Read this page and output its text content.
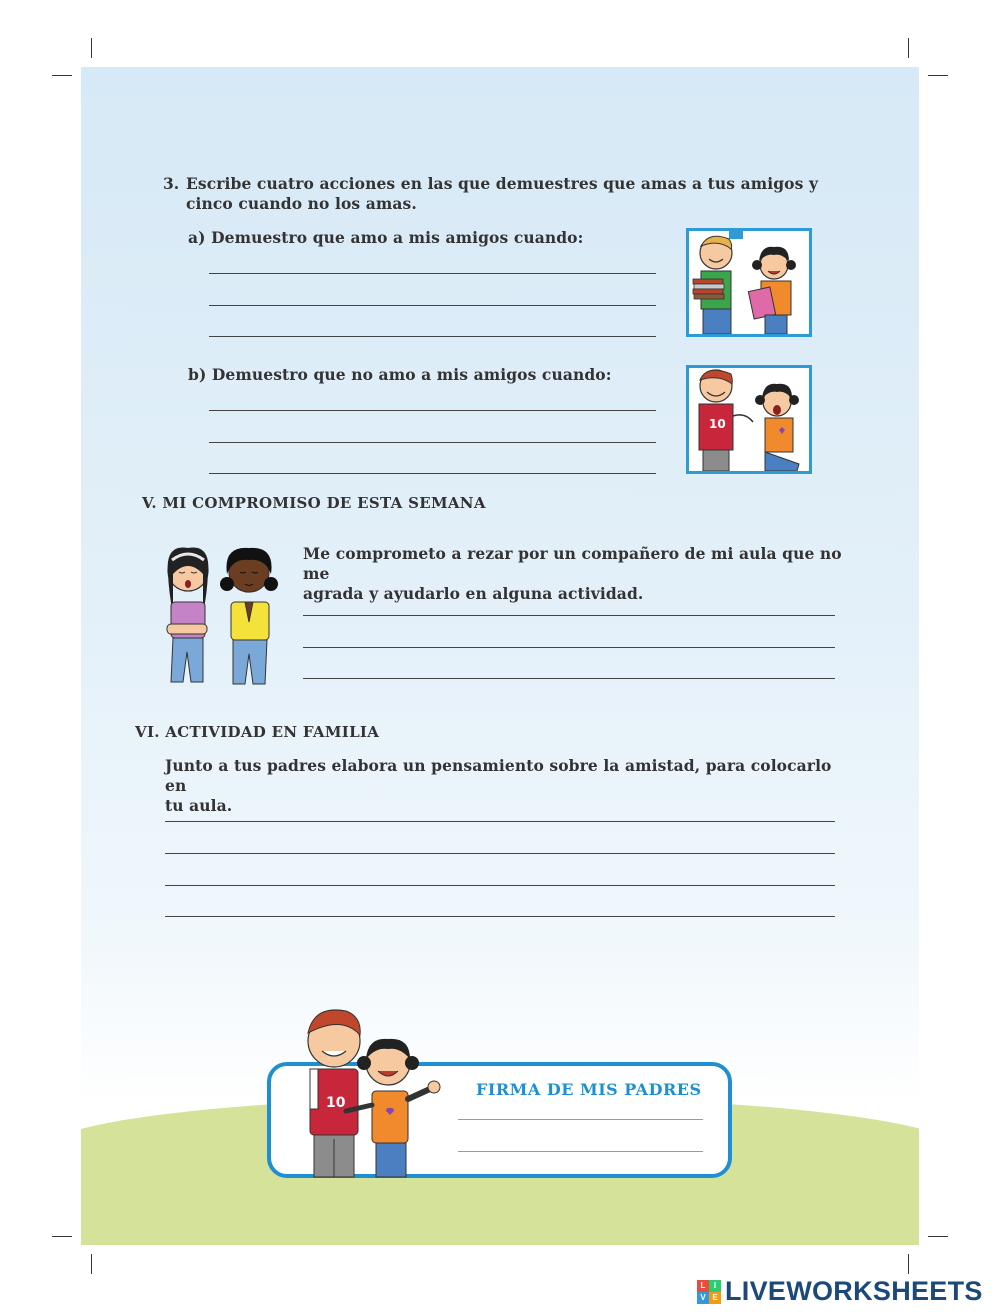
3. Escribe cuatro acciones en las que demuestres que amas a tus amigos y
cinco cuando no los amas.
a) Demuestro que amo a mis amigos cuando:
b) Demuestro que no amo a mis amigos cuando:
10
V. MI COMPROMISO DE ESTA SEMANA
Me comprometo a rezar por un compañero de mi aula que no me
agrada y ayudarlo en alguna actividad.
VI. ACTIVIDAD EN FAMILIA
Junto a tus padres elabora un pensamiento sobre la amistad, para colocarlo en
tu aula.
FIRMA DE MIS PADRES
10
L	I
V E LIVEWORKSHEETS
